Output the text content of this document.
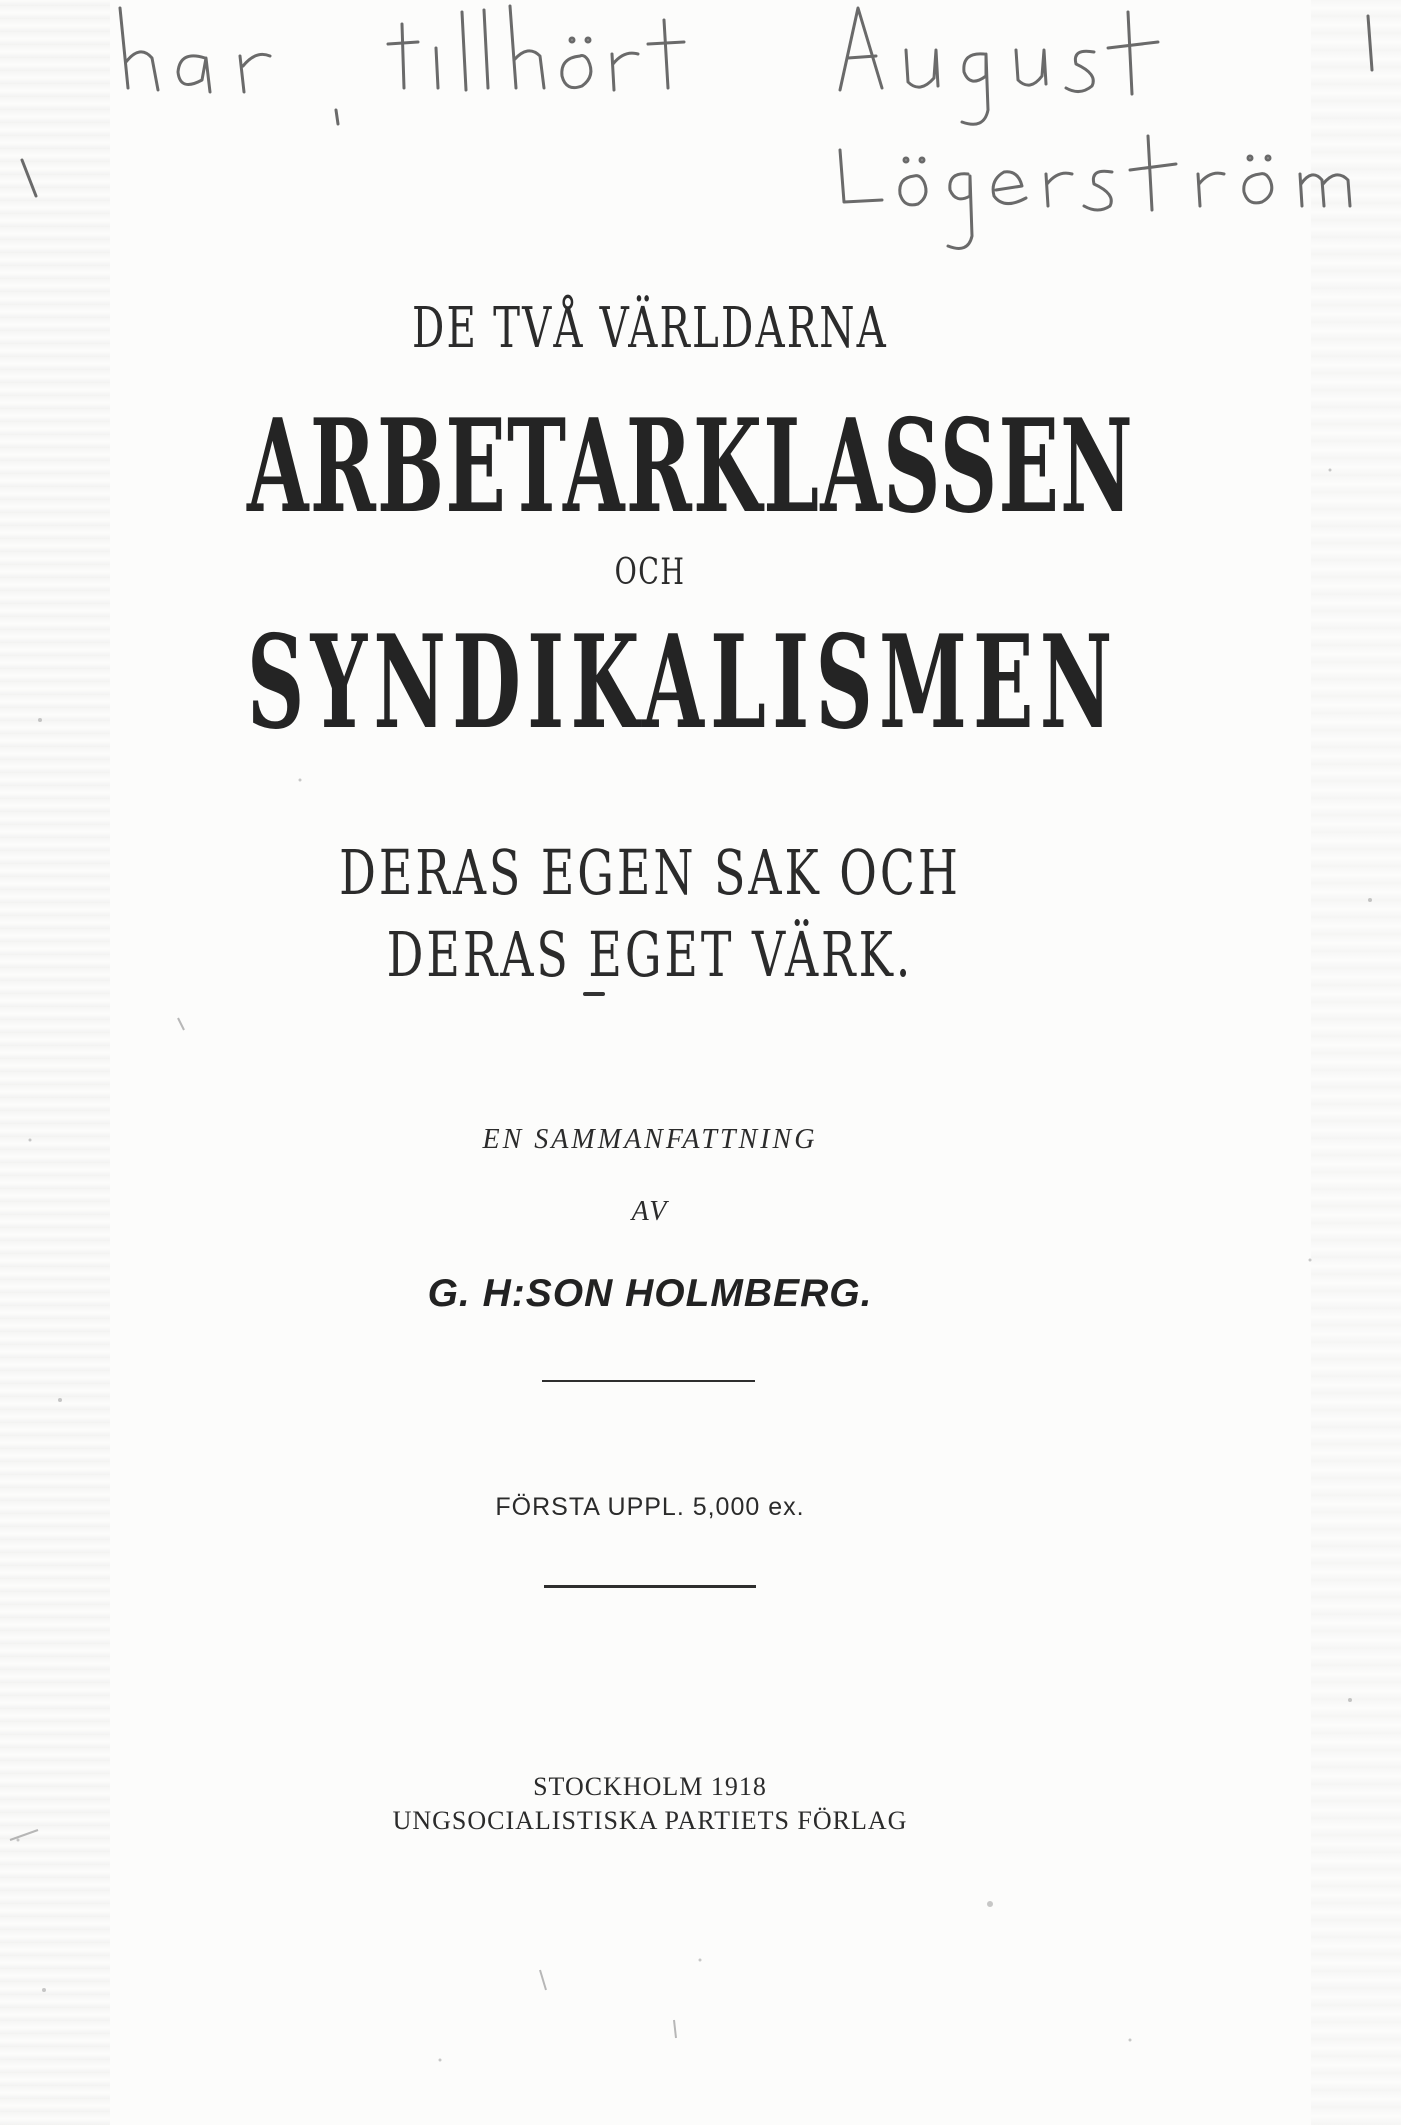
DE TVÅ VÄRLDARNA
ARBETARKLASSEN
OCH
SYNDIKALISMEN
DERAS EGEN SAK OCH
DERAS EGET VÄRK.
EN SAMMANFATTNING
AV
G. H:SON HOLMBERG.
FÖRSTA UPPL. 5,000 ex.
STOCKHOLM 1918
UNGSOCIALISTISKA PARTIETS FÖRLAG
